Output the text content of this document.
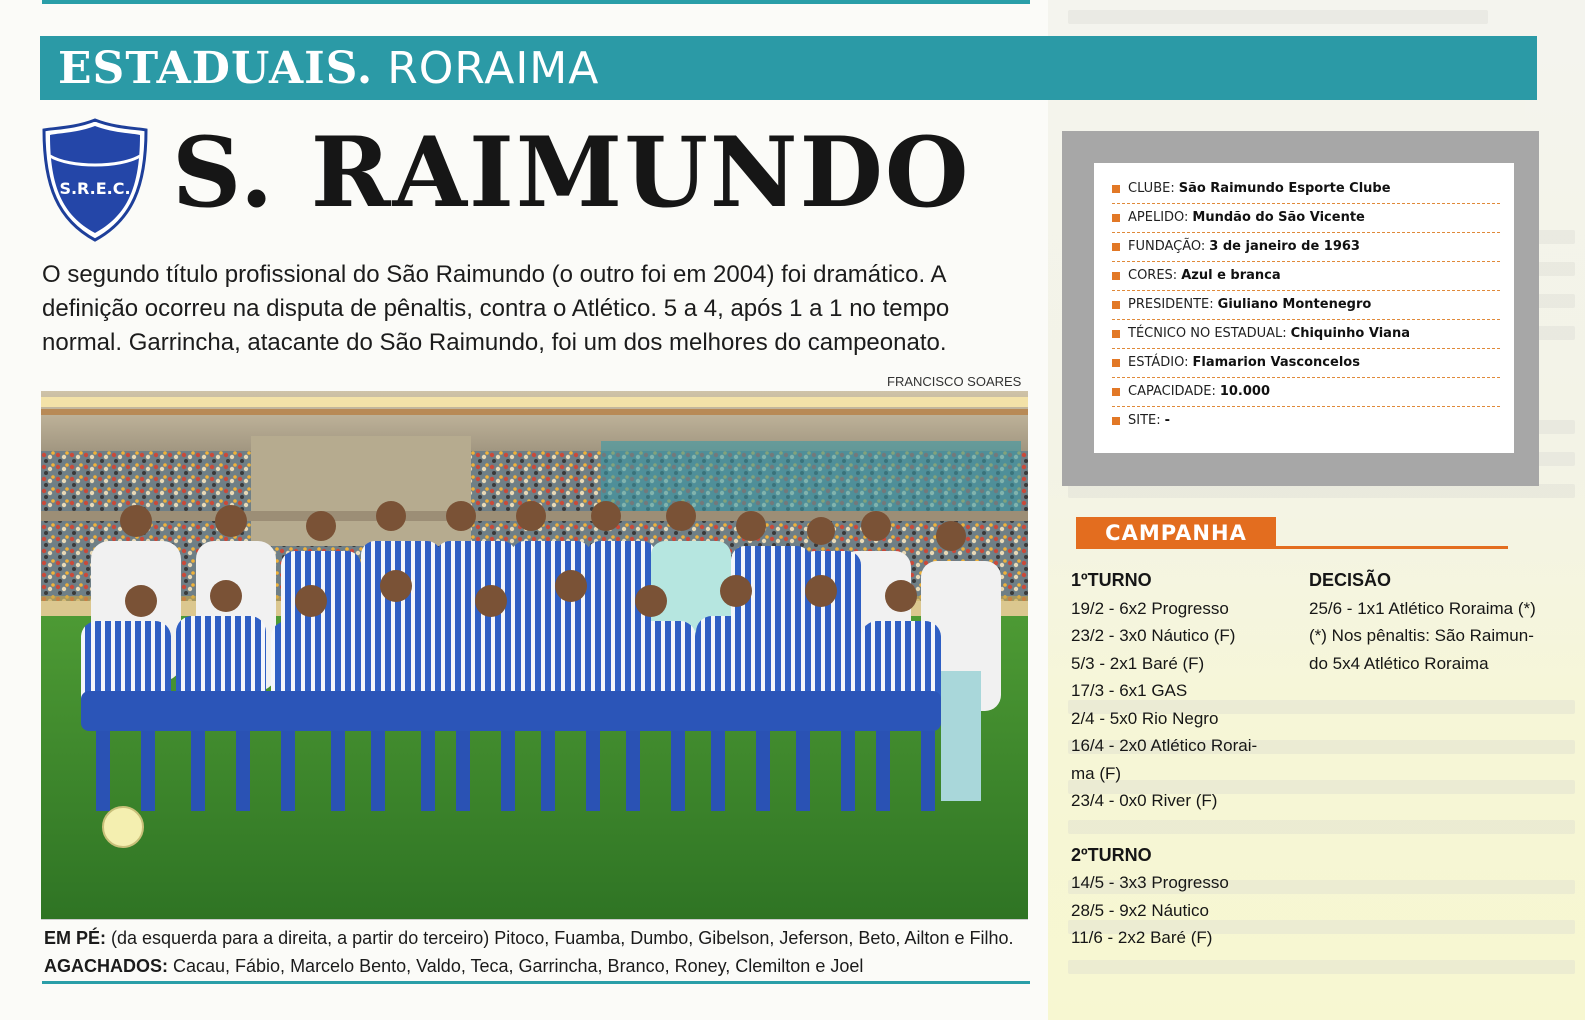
ESTADUAIS. RORAIMA
S.R.E.C. S. RAIMUNDO
O segundo título profissional do São Raimundo (o outro foi em 2004) foi dramático. A definição ocorreu na disputa de pênaltis, contra o Atlético. 5 a 4, após 1 a 1 no tempo normal. Garrincha, atacante do São Raimundo, foi um dos melhores do campeonato.
FRANCISCO SOARES
EM PÉ: (da esquerda para a direita, a partir do terceiro) Pitoco, Fuamba, Dumbo, Gibelson, Jeferson, Beto, Ailton e Filho. AGACHADOS: Cacau, Fábio, Marcelo Bento, Valdo, Teca, Garrincha, Branco, Roney, Clemilton e Joel
CLUBE: São Raimundo Esporte Clube
APELIDO: Mundão do São Vicente
FUNDAÇÃO: 3 de janeiro de 1963
CORES: Azul e branca
PRESIDENTE: Giuliano Montenegro
TÉCNICO NO ESTADUAL: Chiquinho Viana
ESTÁDIO: Flamarion Vasconcelos
CAPACIDADE: 10.000
SITE: -
CAMPANHA
1ºTURNO
19/2 - 6x2 Progresso
23/2 - 3x0 Náutico (F)
5/3 - 2x1 Baré (F)
17/3 - 6x1 GAS
2/4 - 5x0 Rio Negro
16/4 - 2x0 Atlético Rorai-
ma (F)
23/4 - 0x0 River (F)
2ºTURNO
14/5 - 3x3 Progresso
28/5 - 9x2 Náutico
11/6 - 2x2 Baré (F)
DECISÃO
25/6 - 1x1 Atlético Roraima (*)
(*) Nos pênaltis: São Raimun-
do 5x4 Atlético Roraima
